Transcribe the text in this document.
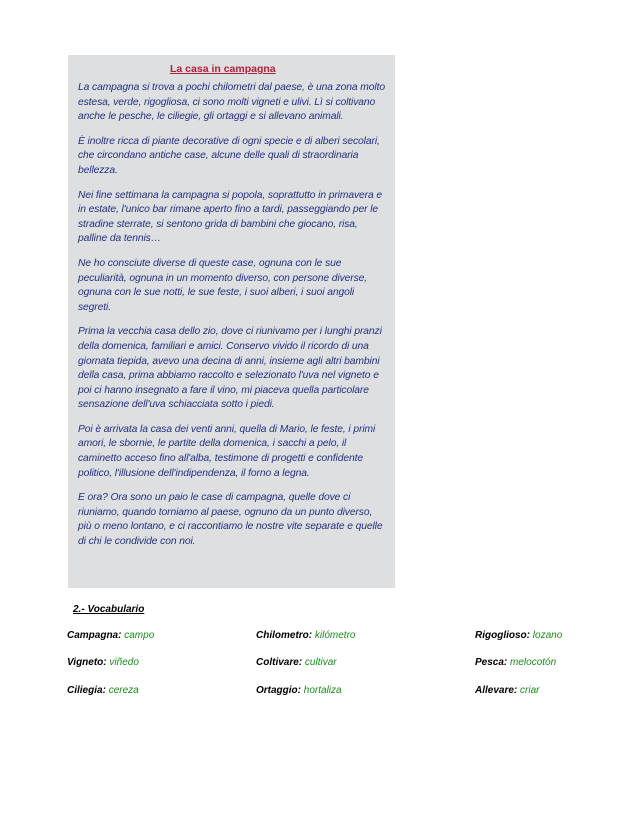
La casa in campagna

La campagna si trova a pochi chilometri dal paese, è una zona molto estesa, verde, rigogliosa, ci sono molti vigneti e ulivi. Lì si coltivano anche le pesche, le ciliegie, gli ortaggi e si allevano animali.

È inoltre ricca di piante decorative di ogni specie e di alberi secolari, che circondano antiche case, alcune delle quali di straordinaria bellezza.

Nei fine settimana la campagna si popola, soprattutto in primavera e in estate, l'unico bar rimane aperto fino a tardi, passeggiando per le stradine sterrate, si sentono grida di bambini che giocano, risa, palline da tennis…

Ne ho consciute diverse di queste case, ognuna con le sue peculiarità, ognuna in un momento diverso, con persone diverse, ognuna con le sue notti, le sue feste, i suoi alberi, i suoi angoli segreti.

Prima la vecchia casa dello zio, dove ci riunivamo per i lunghi pranzi della domenica, familiari e amici. Conservo vivido il ricordo di una giornata tiepida, avevo una decina di anni, insieme agli altri bambini della casa, prima abbiamo raccolto e selezionato l'uva nel vigneto e poi ci hanno insegnato a fare il vino, mi piaceva quella particolare sensazione dell'uva schiacciata sotto i piedi.

Poi è arrivata la casa dei venti anni, quella di Mario, le feste, i primi amori, le sbornie, le partite della domenica, i sacchi a pelo, il caminetto acceso fino all'alba, testimone di progetti e confidente politico, l'illusione dell'indipendenza, il forno a legna.

E ora? Ora sono un paio le case di campagna, quelle dove ci riuniamo, quando torniamo al paese, ognuno da un punto diverso, più o meno lontano, e ci raccontiamo le nostre vite separate e quelle di chi le condivide con noi.

2.- Vocabulario
Campagna: campo	Chilometro: kilómetro	Rigoglioso: lozano
Vigneto: viñedo	Coltivare: cultivar	Pesca: melocotón
Ciliegia: cereza	Ortaggio: hortaliza	Allevare: criar
